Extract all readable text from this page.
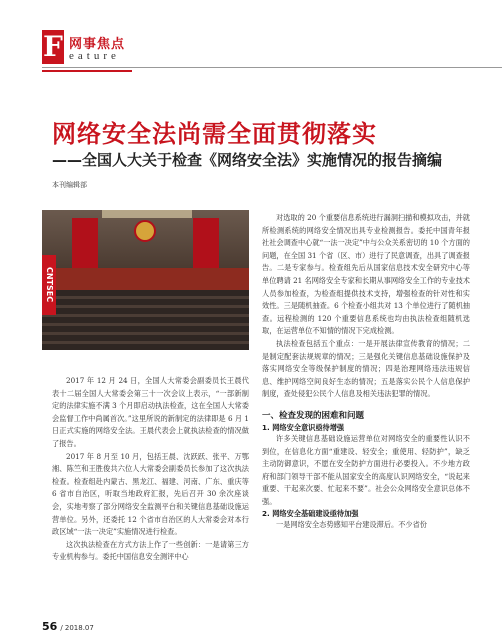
F 网事焦点
eature
网络安全法尚需全面贯彻落实
——全国人大关于检查《网络安全法》实施情况的报告摘编
本刊编辑部
CNTSEC

2017 年 12 月 24 日，全国人大常委会副委员长王晨代表十二届全国人大常委会第三十一次会议上表示，“一部新制定的法律实施不满 3 个月即启动执法检查，这在全国人大常委会监督工作中尚属首次。”这里所说的新制定的法律即是 6 月 1 日正式实施的网络安全法。王晨代表会上就执法检查的情况做了报告。

2017 年 8 月至 10 月，包括王晨、沈跃跃、张平、万鄂湘、陈竺和王胜俊共六位人大常委会副委员长参加了这次执法检查。检查组赴内蒙古、黑龙江、福建、河南、广东、重庆等 6 省市自治区，听取当地政府汇报，先后召开 30 余次座谈会，实地考察了部分网络安全监测平台和关键信息基础设施运营单位。另外，还委托 12 个省市自治区的人大常委会对本行政区域“一法一决定”实施情况进行检查。

这次执法检查在方式方法上作了一些创新：一是请第三方专业机构参与。委托中国信息安全测评中心

对选取的 20 个重要信息系统进行漏洞扫描和模拟攻击，并就所检测系统的网络安全情况出具专业检测报告。委托中国青年报社社会调查中心就“一法一决定”中与公众关系密切的 10 个方面的问题，在全国 31 个省（区、市）进行了民意调查，出具了调查报告。二是专家参与。检查组先后从国家信息技术安全研究中心等单位聘请 21 名网络安全专家和长期从事网络安全工作的专业技术人员参加检查，为检查组提供技术支持，增强检查的针对性和实效性。三是随机抽查。6 个检查小组共对 13 个单位进行了随机抽查。远程检测的 120 个重要信息系统也均由执法检查组随机选取，在运营单位不知情的情况下完成检测。

执法检查包括五个重点：一是开展法律宣传教育的情况；二是制定配套法规规章的情况；三是强化关键信息基础设施保护及落实网络安全等级保护制度的情况；四是治理网络违法违规信息、维护网络空间良好生态的情况；五是落实公民个人信息保护制度，查处侵犯公民个人信息及相关违法犯罪的情况。

一、检查发现的困难和问题
1. 网络安全意识亟待增强

许多关键信息基础设施运营单位对网络安全的重要性认识不到位，在信息化方面“重建设、轻安全；重使用、轻防护”，缺乏主动防御意识，不愿在安全防护方面进行必要投入。不少地方政府和部门领导干部不能从国家安全的高度认识网络安全，“说起来重要、干起来次要、忙起来不要”。社会公众网络安全意识总体不强。

2. 网络安全基础建设亟待加强

一是网络安全态势感知平台建设滞后。不少省份

56 / 2018.07
